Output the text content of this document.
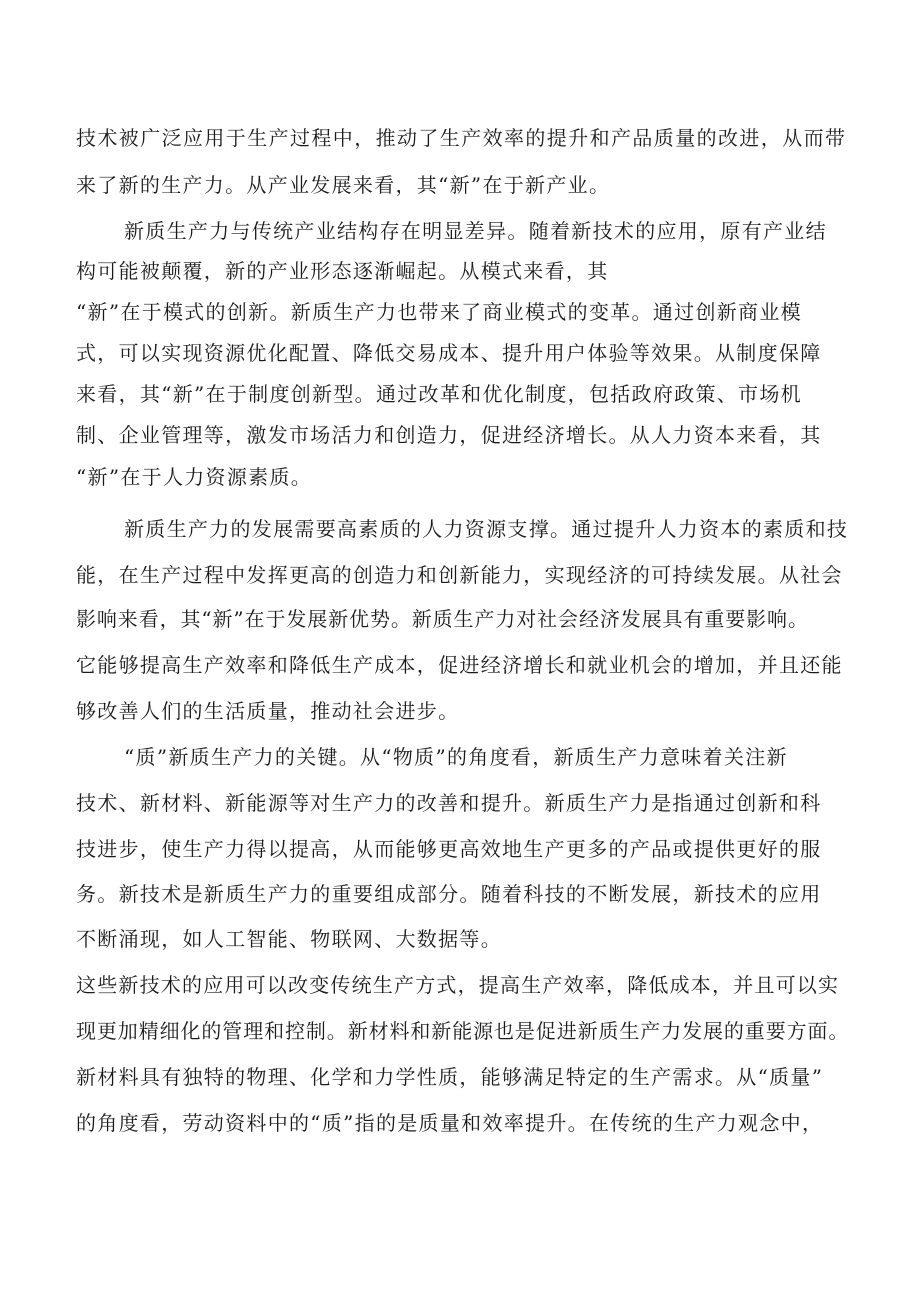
技术被广泛应用于生产过程中，推动了生产效率的提升和产品质量的改进，从而带
来了新的生产力。从产业发展来看，其“新”在于新产业。
新质生产力与传统产业结构存在明显差异。随着新技术的应用，原有产业结
构可能被颠覆，新的产业形态逐渐崛起。从模式来看，其
“新”在于模式的创新。新质生产力也带来了商业模式的变革。通过创新商业模
式，可以实现资源优化配置、降低交易成本、提升用户体验等效果。从制度保障
来看，其“新”在于制度创新型。通过改革和优化制度，包括政府政策、市场机
制、企业管理等，激发市场活力和创造力，促进经济增长。从人力资本来看，其
“新”在于人力资源素质。
新质生产力的发展需要高素质的人力资源支撑。通过提升人力资本的素质和技
能，在生产过程中发挥更高的创造力和创新能力，实现经济的可持续发展。从社会
影响来看，其“新”在于发展新优势。新质生产力对社会经济发展具有重要影响。
它能够提高生产效率和降低生产成本，促进经济增长和就业机会的增加，并且还能
够改善人们的生活质量，推动社会进步。
“质”新质生产力的关键。从“物质”的角度看，新质生产力意味着关注新
技术、新材料、新能源等对生产力的改善和提升。新质生产力是指通过创新和科
技进步，使生产力得以提高，从而能够更高效地生产更多的产品或提供更好的服
务。新技术是新质生产力的重要组成部分。随着科技的不断发展，新技术的应用
不断涌现，如人工智能、物联网、大数据等。
这些新技术的应用可以改变传统生产方式，提高生产效率，降低成本，并且可以实
现更加精细化的管理和控制。新材料和新能源也是促进新质生产力发展的重要方面。
新材料具有独特的物理、化学和力学性质，能够满足特定的生产需求。从“质量”
的角度看，劳动资料中的“质”指的是质量和效率提升。在传统的生产力观念中，
